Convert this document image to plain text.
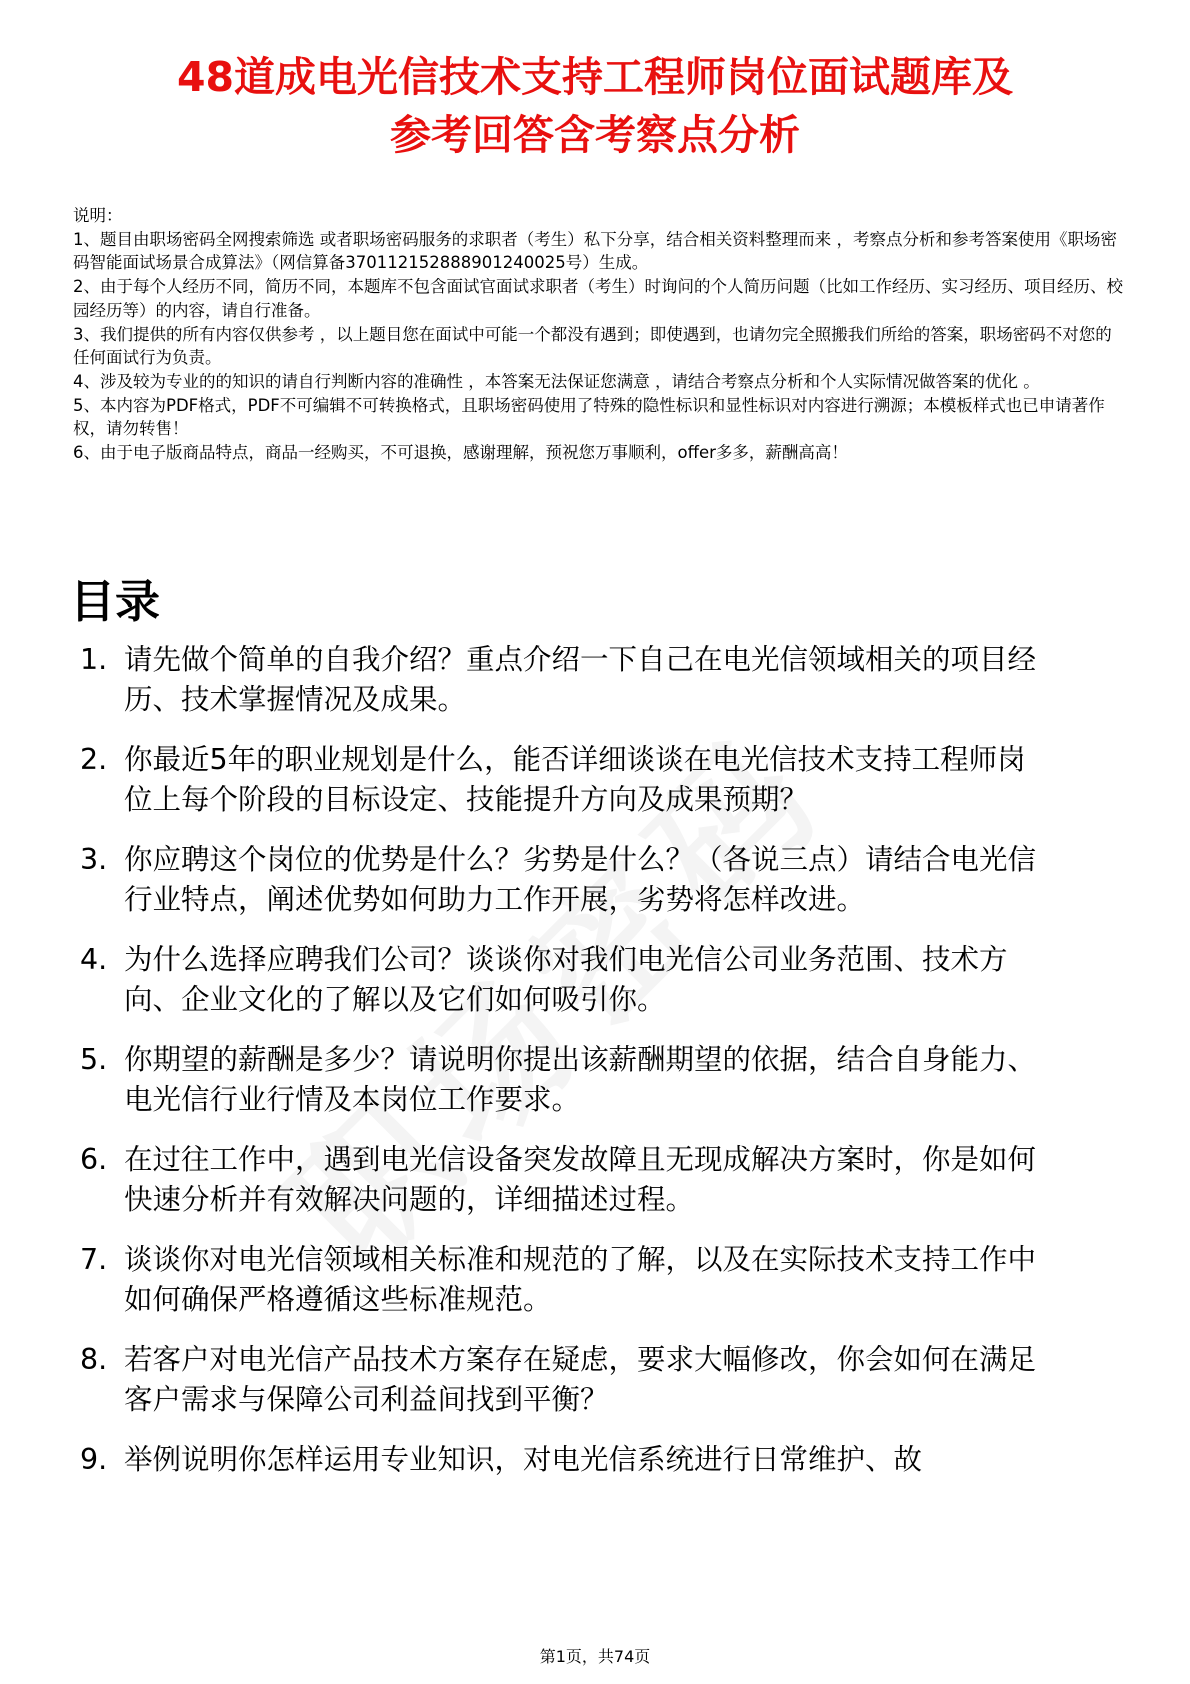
48道成电光信技术支持工程师岗位面试题库及
参考回答含考察点分析

说明：

1、题目由职场密码全网搜索筛选 或者职场密码服务的求职者（考生）私下分享，结合相关资料整理而来 ，考察点分析和参考答案使用《职场密码智能面试场景合成算法》（网信算备370112152888901240025号）生成。

2、由于每个人经历不同，简历不同，本题库不包含面试官面试求职者（考生）时询问的个人简历问题（比如工作经历、实习经历、项目经历、校园经历等）的内容，请自行准备。

3、我们提供的所有内容仅供参考 ，以上题目您在面试中可能一个都没有遇到；即使遇到，也请勿完全照搬我们所给的答案，职场密码不对您的任何面试行为负责。

4、涉及较为专业的的知识的请自行判断内容的准确性 ，本答案无法保证您满意 ，请结合考察点分析和个人实际情况做答案的优化 。

5、本内容为PDF格式，PDF不可编辑不可转换格式，且职场密码使用了特殊的隐性标识和显性标识对内容进行溯源；本模板样式也已申请著作权，请勿转售！

6、由于电子版商品特点，商品一经购买，不可退换，感谢理解，预祝您万事顺利，offer多多，薪酬高高！

目录
1. 请先做个简单的自我介绍？重点介绍一下自己在电光信领域相关的项目经历、技术掌握情况及成果。
2. 你最近5年的职业规划是什么，能否详细谈谈在电光信技术支持工程师岗位上每个阶段的目标设定、技能提升方向及成果预期？
3. 你应聘这个岗位的优势是什么？劣势是什么？（各说三点）请结合电光信行业特点，阐述优势如何助力工作开展，劣势将怎样改进。
4. 为什么选择应聘我们公司？谈谈你对我们电光信公司业务范围、技术方向、企业文化的了解以及它们如何吸引你。
5. 你期望的薪酬是多少？请说明你提出该薪酬期望的依据，结合自身能力、电光信行业行情及本岗位工作要求。
6. 在过往工作中，遇到电光信设备突发故障且无现成解决方案时，你是如何快速分析并有效解决问题的，详细描述过程。
7. 谈谈你对电光信领域相关标准和规范的了解，以及在实际技术支持工作中如何确保严格遵循这些标准规范。
8. 若客户对电光信产品技术方案存在疑虑，要求大幅修改，你会如何在满足客户需求与保障公司利益间找到平衡？
9. 举例说明你怎样运用专业知识，对电光信系统进行日常维护、故
第1页，共74页
